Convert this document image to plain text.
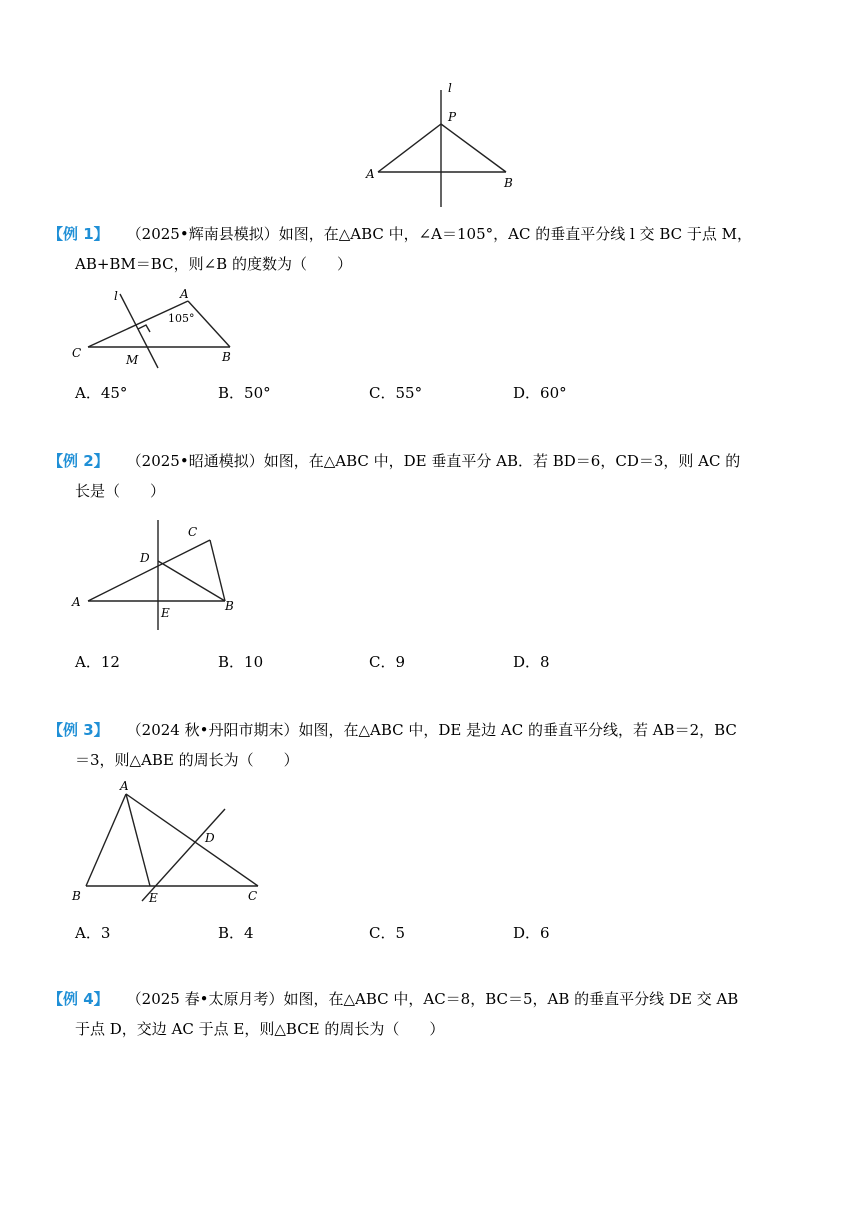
l
P
A
B
【例 1】 （2025•辉南县模拟）如图，在△ABC 中，∠A＝105°，AC 的垂直平分线 l 交 BC 于点 M，
AB+BM＝BC，则∠B 的度数为（　　）
l	A
105°
C	M	B
A．45°	B．50°	C．55°	D．60°
【例 2】 （2025•昭通模拟）如图，在△ABC 中，DE 垂直平分 AB．若 BD＝6，CD＝3，则 AC 的
长是（　　）
C
D
A
E	B
A．12	B．10	C．9	D．8
【例 3】 （2024 秋•丹阳市期末）如图，在△ABC 中，DE 是边 AC 的垂直平分线，若 AB＝2，BC
＝3，则△ABE 的周长为（　　）
A
D
B	E	C
A．3	B．4	C．5	D．6
【例 4】 （2025 春•太原月考）如图，在△ABC 中，AC＝8，BC＝5，AB 的垂直平分线 DE 交 AB
于点 D，交边 AC 于点 E，则△BCE 的周长为（　　）
